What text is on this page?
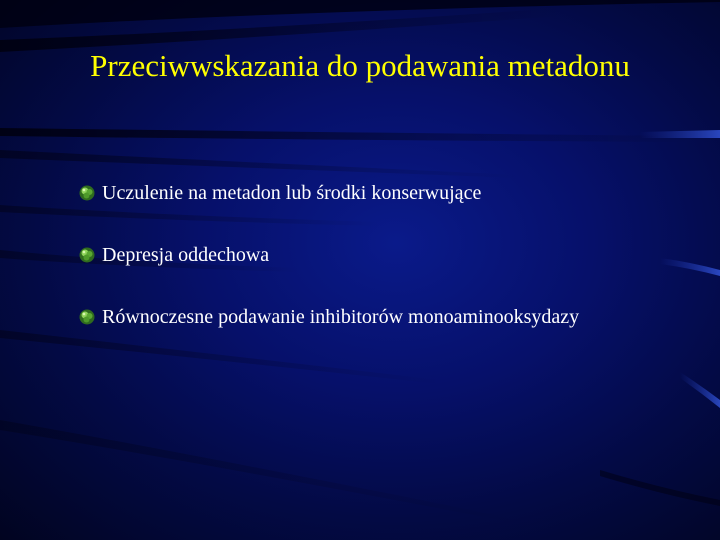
Przeciwwskazania do podawania metadonu
Uczulenie na metadon lub środki konserwujące
Depresja oddechowa
Równoczesne podawanie inhibitorów monoaminooksydazy
